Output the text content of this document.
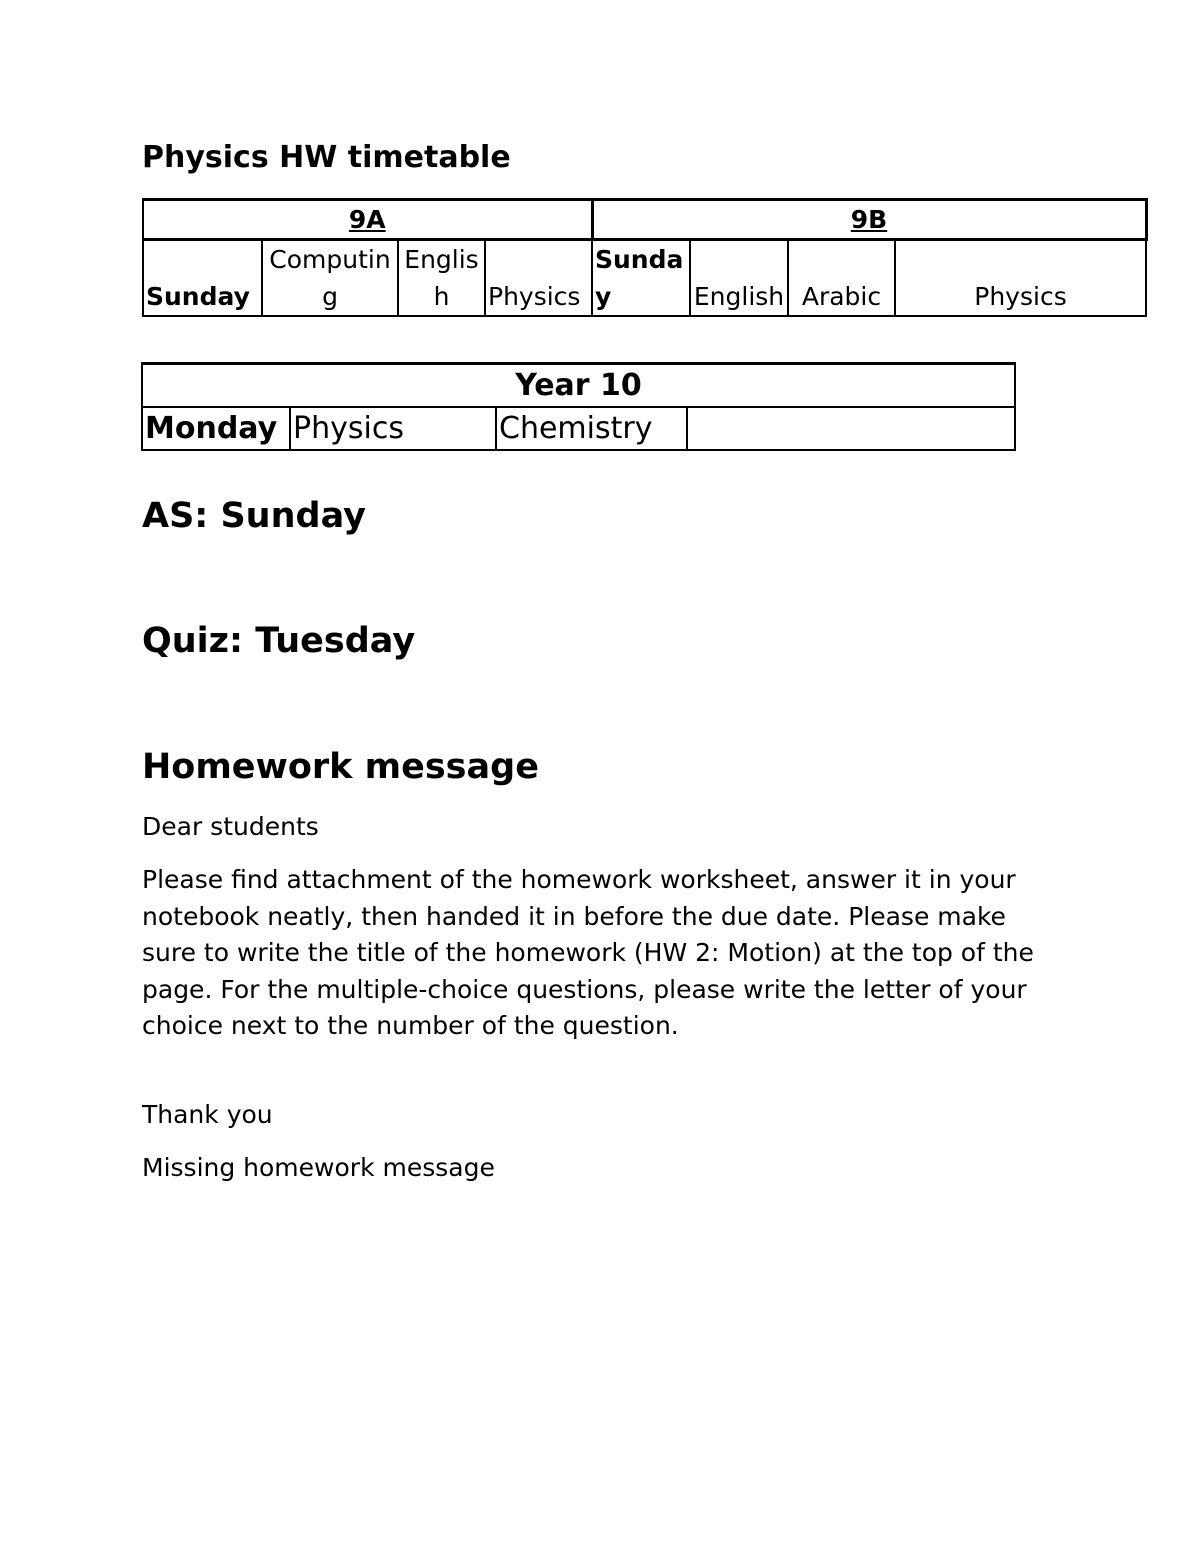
Physics HW timetable
9A				9B			
Sunday	Computing	English	Physics	Sunday	English	Arabic	Physics
Year 10
Monday	Physics	Chemistry	
AS: Sunday
Quiz: Tuesday
Homework message
Dear students
Please find attachment of the homework worksheet, answer it in your notebook neatly, then handed it in before the due date. Please make sure to write the title of the homework (HW 2: Motion) at the top of the page. For the multiple-choice questions, please write the letter of your choice next to the number of the question.
Thank you
Missing homework message
